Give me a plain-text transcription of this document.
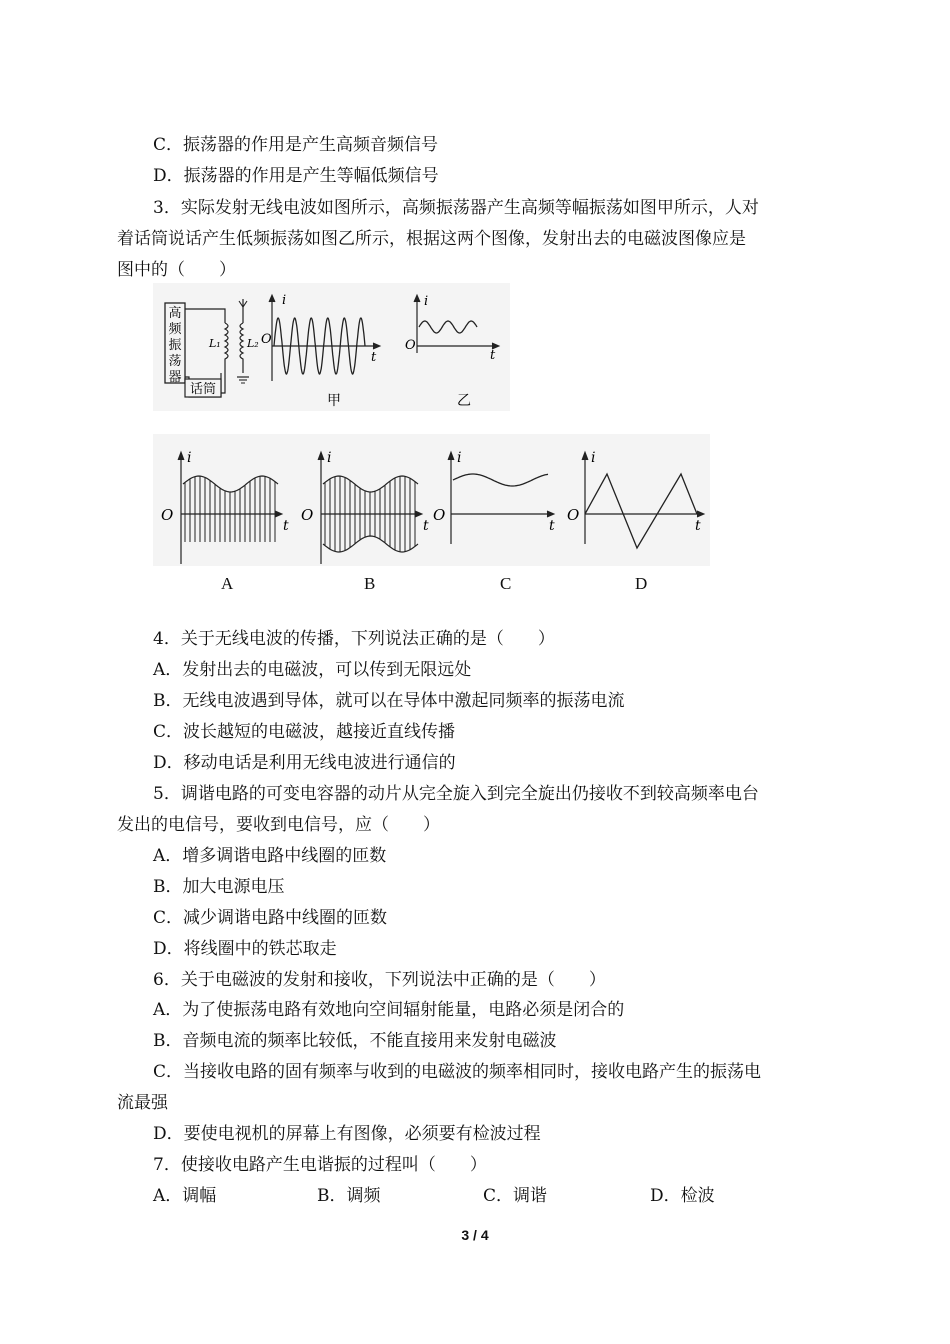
C．振荡器的作用是产生高频音频信号
D．振荡器的作用是产生等幅低频信号
3．实际发射无线电波如图所示，高频振荡器产生高频等幅振荡如图甲所示，人对
着话筒说话产生低频振荡如图乙所示，根据这两个图像，发射出去的电磁波图像应是
图中的（　　）
高
频
振
荡
器
话筒
L₁ L₂
i
t
O
甲
i
t
O
乙
i
t
O
i
t
O
i
t
O
i
t
O
A	B	C	D
4．关于无线电波的传播，下列说法正确的是（　　）
A．发射出去的电磁波，可以传到无限远处
B．无线电波遇到导体，就可以在导体中激起同频率的振荡电流
C．波长越短的电磁波，越接近直线传播
D．移动电话是利用无线电波进行通信的
5．调谐电路的可变电容器的动片从完全旋入到完全旋出仍接收不到较高频率电台
发出的电信号，要收到电信号，应（　　）
A．增多调谐电路中线圈的匝数
B．加大电源电压
C．减少调谐电路中线圈的匝数
D．将线圈中的铁芯取走
6．关于电磁波的发射和接收，下列说法中正确的是（　　）
A．为了使振荡电路有效地向空间辐射能量，电路必须是闭合的
B．音频电流的频率比较低，不能直接用来发射电磁波
C．当接收电路的固有频率与收到的电磁波的频率相同时，接收电路产生的振荡电
流最强
D．要使电视机的屏幕上有图像，必须要有检波过程
7．使接收电路产生电谐振的过程叫（　　）
A．调幅	B．调频	C．调谐	D．检波
3 / 4
